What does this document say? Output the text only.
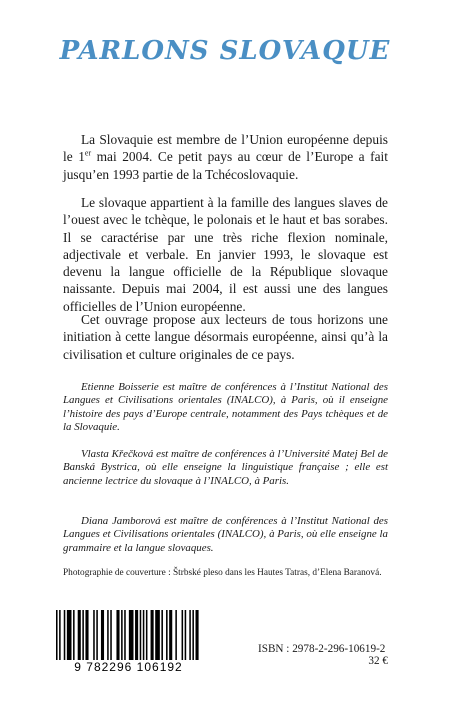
PARLONS SLOVAQUE

La Slovaquie est membre de l’Union européenne depuis le 1er mai 2004. Ce petit pays au cœur de l’Europe a fait jusqu’en 1993 partie de la Tchécoslovaquie.

Le slovaque appartient à la famille des langues slaves de l’ouest avec le tchèque, le polonais et le haut et bas sorabes. Il se caractérise par une très riche flexion nominale, adjectivale et verbale. En janvier 1993, le slovaque est devenu la langue officielle de la République slovaque naissante. Depuis mai 2004, il est aussi une des langues officielles de l’Union européenne.

Cet ouvrage propose aux lecteurs de tous horizons une initiation à cette langue désormais européenne, ainsi qu’à la civilisation et culture originales de ce pays.

Etienne Boisserie est maître de conférences à l’Institut National des Langues et Civilisations orientales (INALCO), à Paris, où il enseigne l’histoire des pays d’Europe centrale, notamment des Pays tchèques et de la Slovaquie.

Vlasta Křečková est maître de conférences à l’Université Matej Bel de Banská Bystrica, où elle enseigne la linguistique française ; elle est ancienne lectrice du slovaque à l’INALCO, à Paris.

Diana Jamborová est maître de conférences à l’Institut National des Langues et Civilisations orientales (INALCO), à Paris, où elle enseigne la grammaire et la langue slovaques.

Photographie de couverture : Štrbské pleso dans les Hautes Tatras, d’Elena Baranová.
9 782296 106192
ISBN : 2978-2-296-10619-2
32 €
